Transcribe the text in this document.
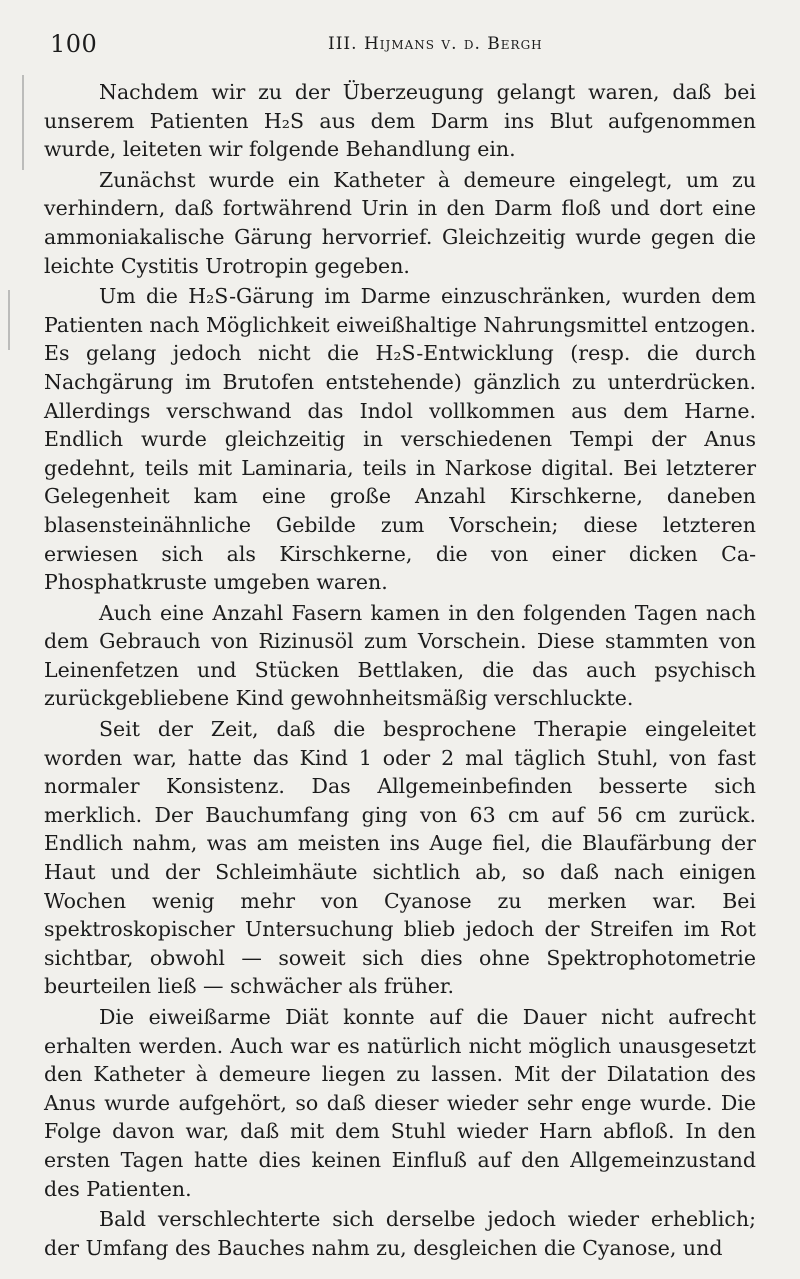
100	III. Hijmans v. d. Bergh

Nachdem wir zu der Überzeugung gelangt waren, daß bei unserem Patienten H₂S aus dem Darm ins Blut aufgenommen wurde, leiteten wir folgende Behandlung ein.

Zunächst wurde ein Katheter à demeure eingelegt, um zu verhindern, daß fortwährend Urin in den Darm floß und dort eine ammoniakalische Gärung hervorrief. Gleichzeitig wurde gegen die leichte Cystitis Urotropin gegeben.

Um die H₂S-Gärung im Darme einzuschränken, wurden dem Patienten nach Möglichkeit eiweißhaltige Nahrungsmittel entzogen. Es gelang jedoch nicht die H₂S-Entwicklung (resp. die durch Nachgärung im Brutofen entstehende) gänzlich zu unterdrücken. Allerdings verschwand das Indol vollkommen aus dem Harne. Endlich wurde gleichzeitig in verschiedenen Tempi der Anus gedehnt, teils mit Laminaria, teils in Narkose digital. Bei letzterer Gelegenheit kam eine große Anzahl Kirschkerne, daneben blasensteinähnliche Gebilde zum Vorschein; diese letzteren erwiesen sich als Kirschkerne, die von einer dicken Ca-Phosphatkruste umgeben waren.

Auch eine Anzahl Fasern kamen in den folgenden Tagen nach dem Gebrauch von Rizinusöl zum Vorschein. Diese stammten von Leinenfetzen und Stücken Bettlaken, die das auch psychisch zurückgebliebene Kind gewohnheitsmäßig verschluckte.

Seit der Zeit, daß die besprochene Therapie eingeleitet worden war, hatte das Kind 1 oder 2 mal täglich Stuhl, von fast normaler Konsistenz. Das Allgemeinbefinden besserte sich merklich. Der Bauchumfang ging von 63 cm auf 56 cm zurück. Endlich nahm, was am meisten ins Auge fiel, die Blaufärbung der Haut und der Schleimhäute sichtlich ab, so daß nach einigen Wochen wenig mehr von Cyanose zu merken war. Bei spektroskopischer Untersuchung blieb jedoch der Streifen im Rot sichtbar, obwohl — soweit sich dies ohne Spektrophotometrie beurteilen ließ — schwächer als früher.

Die eiweißarme Diät konnte auf die Dauer nicht aufrecht erhalten werden. Auch war es natürlich nicht möglich unausgesetzt den Katheter à demeure liegen zu lassen. Mit der Dilatation des Anus wurde aufgehört, so daß dieser wieder sehr enge wurde. Die Folge davon war, daß mit dem Stuhl wieder Harn abfloß. In den ersten Tagen hatte dies keinen Einfluß auf den Allgemeinzustand des Patienten.

Bald verschlechterte sich derselbe jedoch wieder erheblich; der Umfang des Bauches nahm zu, desgleichen die Cyanose, und
